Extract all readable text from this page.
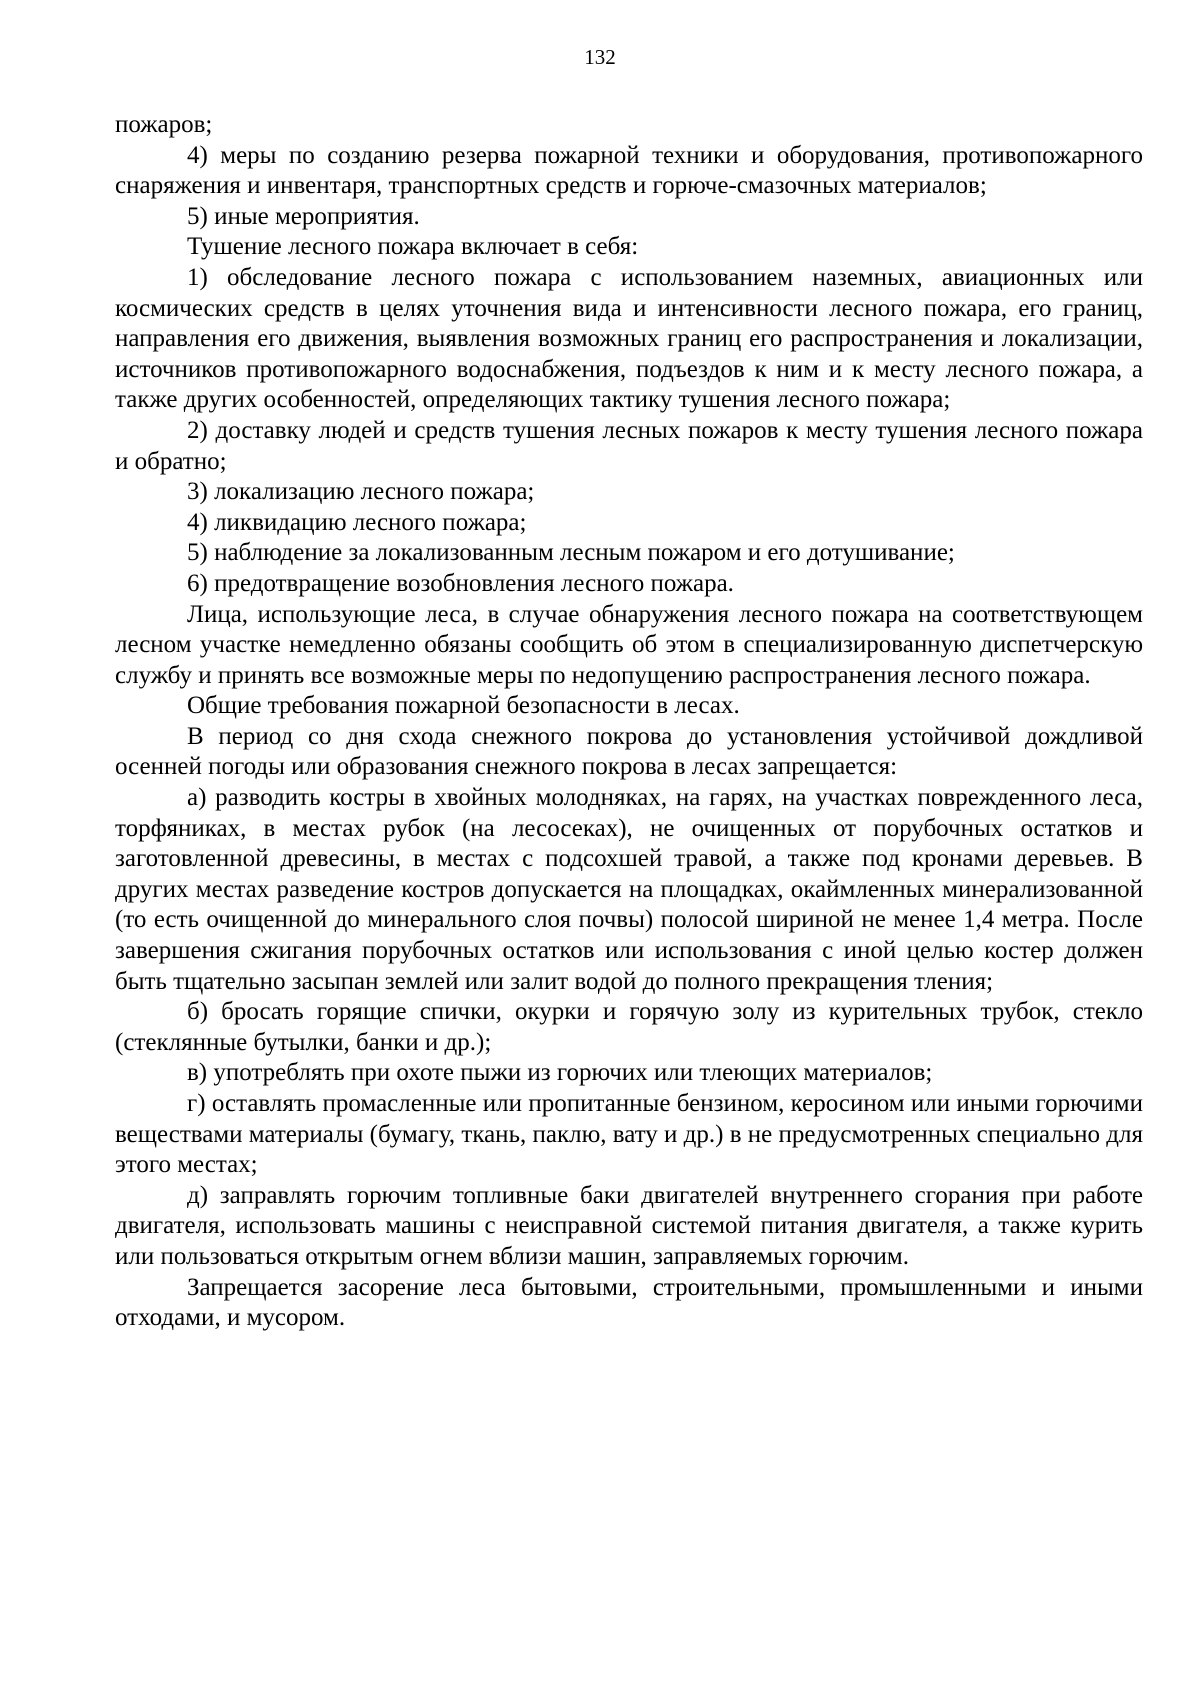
132

пожаров;

4) меры по созданию резерва пожарной техники и оборудования, противопожарного снаряжения и инвентаря, транспортных средств и горюче-смазочных материалов;

5) иные мероприятия.

Тушение лесного пожара включает в себя:

1) обследование лесного пожара с использованием наземных, авиационных или космических средств в целях уточнения вида и интенсивности лесного пожара, его границ, направления его движения, выявления возможных границ его распространения и локализации, источников противопожарного водоснабжения, подъездов к ним и к месту лесного пожара, а также других особенностей, определяющих тактику тушения лесного пожара;

2) доставку людей и средств тушения лесных пожаров к месту тушения лесного пожара и обратно;

3) локализацию лесного пожара;

4) ликвидацию лесного пожара;

5) наблюдение за локализованным лесным пожаром и его дотушивание;

6) предотвращение возобновления лесного пожара.

Лица, использующие леса, в случае обнаружения лесного пожара на соответствующем лесном участке немедленно обязаны сообщить об этом в специализированную диспетчерскую службу и принять все возможные меры по недопущению распространения лесного пожара.

Общие требования пожарной безопасности в лесах.

В период со дня схода снежного покрова до установления устойчивой дождливой осенней погоды или образования снежного покрова в лесах запрещается:

а) разводить костры в хвойных молодняках, на гарях, на участках поврежденного леса, торфяниках, в местах рубок (на лесосеках), не очищенных от порубочных остатков и заготовленной древесины, в местах с подсохшей травой, а также под кронами деревьев. В других местах разведение костров допускается на площадках, окаймленных минерализованной (то есть очищенной до минерального слоя почвы) полосой шириной не менее 1,4 метра. После завершения сжигания порубочных остатков или использования с иной целью костер должен быть тщательно засыпан землей или залит водой до полного прекращения тления;

б) бросать горящие спички, окурки и горячую золу из курительных трубок, стекло (стеклянные бутылки, банки и др.);

в) употреблять при охоте пыжи из горючих или тлеющих материалов;

г) оставлять промасленные или пропитанные бензином, керосином или иными горючими веществами материалы (бумагу, ткань, паклю, вату и др.) в не предусмотренных специально для этого местах;

д) заправлять горючим топливные баки двигателей внутреннего сгорания при работе двигателя, использовать машины с неисправной системой питания двигателя, а также курить или пользоваться открытым огнем вблизи машин, заправляемых горючим.

Запрещается засорение леса бытовыми, строительными, промышленными и иными отходами, и мусором.
